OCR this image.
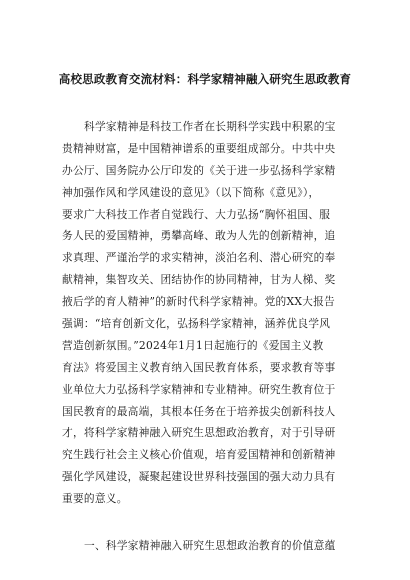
高校思政教育交流材料：科学家精神融入研究生思政教育
科学家精神是科技工作者在长期科学实践中积累的宝
贵精神财富，是中国精神谱系的重要组成部分。中共中央
办公厅、国务院办公厅印发的《关于进一步弘扬科学家精
神加强作风和学风建设的意见》（以下简称《意见》），
要求广大科技工作者自觉践行、大力弘扬“胸怀祖国、服
务人民的爱国精神，勇攀高峰、敢为人先的创新精神，追
求真理、严谨治学的求实精神，淡泊名利、潜心研究的奉
献精神，集智攻关、团结协作的协同精神，甘为人梯、奖
掖后学的育人精神”的新时代科学家精神。党的XX大报告
强调：“培育创新文化，弘扬科学家精神，涵养优良学风
营造创新氛围。”2024年1月1日起施行的《爱国主义教
育法》将爱国主义教育纳入国民教育体系，要求教育等事
业单位大力弘扬科学家精神和专业精神。研究生教育位于
国民教育的最高端，其根本任务在于培养拔尖创新科技人
才，将科学家精神融入研究生思想政治教育，对于引导研
究生践行社会主义核心价值观，培育爱国精神和创新精神
强化学风建设，凝聚起建设世界科技强国的强大动力具有
重要的意义。
一、科学家精神融入研究生思想政治教育的价值意蕴
